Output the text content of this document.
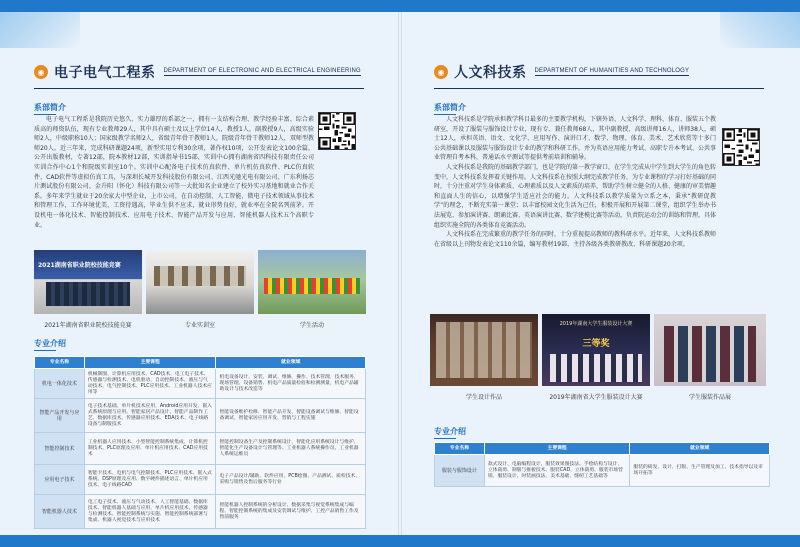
◉ 电子电气工程系 DEPARTMENT OF ELECTRONIC AND ELECTRICAL ENGINEERING
系部简介

电子电气工程系是我院历史悠久、实力雄厚的系部之一，拥有一支结构合理、教学经验丰富、综合素质高的师资队伍，现有专业教师29人，其中具有硕士及以上学位14人，教授1人，副教授9人，高级实验师2人，中级职称10人；国家级教学名师2人，省级青年骨干教师1人，院级青年骨干教师12人，双师型教师20人。近三年来，完成科研课题24项，新型实用专利30余项，著作权10项，公开发表论文100余篇，公开出版教材，专著12部，院本教材12部，实训指导书15部，实训中心拥有湖南省四科技有限责任公司实训合作中心1个和院级实训室10个。实训中心配备电子技术仿真软件、单片机仿真软件、PLC仿真软件、CAD软件等虚拟仿真工具，与深圳长城开发科技股份有限公司、江西光驰光电有限公司、广东利扬芯片测试股份有限公司、金升阳（怀化）科技有限公司等一大批知名企业建立了校外实习基地和就业合作关系。多年来学生就业于20余家大中型企业，上市公司，在自动控制、人工智能、微电子技术领域从事技术和管理工作，工作环境优美，工资待遇高，毕业生供不应求，就业形势良好，就业率在全院名列前茅。开设机电一体化技术、智能控制技术、应用电子技术、智能产品开发与应用、智能机器人技术五个高职专业。

2021湖南省职业院校技能竞赛
2021年湖南省职业院校技能竞赛	专业实训室	学生活动
专业介绍
专业名称	主要课程	就业领域
机电一体化技术	机械制图、计算机应用技术、CAD技术、电工电子技术、传感器与检测技术、电机驱动、自动控制技术、液压与气动技术、电气控制技术、PLC应用技术、工业机器人技术应用等	机电设备设计、安装、调试、维修、操作、技术管理、技术服务、现场管理、设备销售、机电产品质量检验和检测测量，机电产品辅助设计与技术改造等
智能产品开发与应用	电子技术基础、单片机技术应用、Android应用开发、嵌入式系统原理与应用、智能家居产品设计、智能产品制作工艺、数据库技术、传感器应用技术、EDA技术、电子线路设备与制版技术	智能设备维护检修、智能产品开发、智能设备调试与维修、智能设备调试、智能家居应用开发、营销与工程实施
智能控制技术	工业机器人应用技术、小型智能控制系统集成、计算机控制技术、PLC原理及应用、单片机应用技术、CAD应用技术	智能控制设备生产及控制系统设计，智能化应用系统设计与维护、智能化生产设备设计与管理等、工业机器人系统操作员、工业机器人系统运维员
应用电子技术	智能卡技术、电机与电气控制技术、PLC应用技术、嵌入式系统、DSP原理及应用、数字硬件描述语言、单片机应用技术、电子线路CAD	电子产品设计/辅助、软件应用、PCB绘图、产品测试、质检技术、采购与销售及售后服务等行业
智能机器人技术	电工电子技术、液压与气动技术、人工智能基础、数据库技术、智能机器人基础与应用、单片机应用技术、传感器与检测技术、智能控制系统与实施、智能控制系统部署与集成、机器人视觉技术与应用技术	智能机器人控制系统的分析设计、数据采集与视觉系统集成与编程、智能控制系统的集成及安装调试与维护、工控产品销售工作及售前服务
◉ 人文科技系 DEPARTMENT OF HUMANITIES AND TECHNOLOGY
系部简介

人文科技系是学院承担教学科目最多的主要教学机构，下辖外语、人文科学、理科、体育、服装五个教研室，开设了服装与服饰设计专业，现有专、兼任教师68人，其中副教授、高级讲师16人，讲师38人，硕士12人，承担英语、语文、文化学、应用写作、演讲口才、数学、物理、体育、美术、艺术欣赏等十多门公共基础课以及服装与服饰设计专业的教学和科研工作，并为英语应用能力考试、高职专升本考试、公共事业管理自考本科，普通话水平测试等提供考前培训和辅导。

人文科技系是我院的基础教学部门，也是学院的第一教学窗口，在学生完成从中学生到大学生的角色转变中，人文科技系发挥着关键作用。人文科技系在按照大纲完成教学任务，为专业课程的学习打好基础的同时，十分注重对学生身体素质、心理素质以及人文素质的培养，帮助学生树立健全的人格、健康的审美情趣和直面人生的信心，以增强学生适应社会的能力。人文科技系以教学质量为立系之本，秉承“教研促教学”的理念，不断充实第一课堂；以丰富校园文化生活为己任，积极开展和开展第二课堂，组织学生举办书法展览、参加演讲赛、朗诵比赛、英语演讲比赛、数学建模比赛等活动，负责院运动会的训练和管理，具体组织实施全院的各类体育竞赛活动。

人文科技系在完成繁重的教学任务的同时，十分重视提高教师的教科研水平。近年来，人文科技系教师在省级以上刊物发表论文110余篇，编写教材19部，主持各级各类教研教改、科研课题20余项。

学生设计作品
2019年湖南大学生服装设计大赛
三等奖
2019年湖南省大学生服装设计大赛	学生服装作品展
专业介绍
专业名称	主要课程	就业领域
服装与服饰设计	款式设计、电脑编程设计、服装效果图技法、手绘结构与设计、立体裁剪、制版与推板技术、服装CAD、立体裁剪、服装市场营销、服装设计、时装画技法、美术基础、缝纫工艺基础等	服装的研发、设计、打版、生产管理及加工、技术指导以及市场开拓等
